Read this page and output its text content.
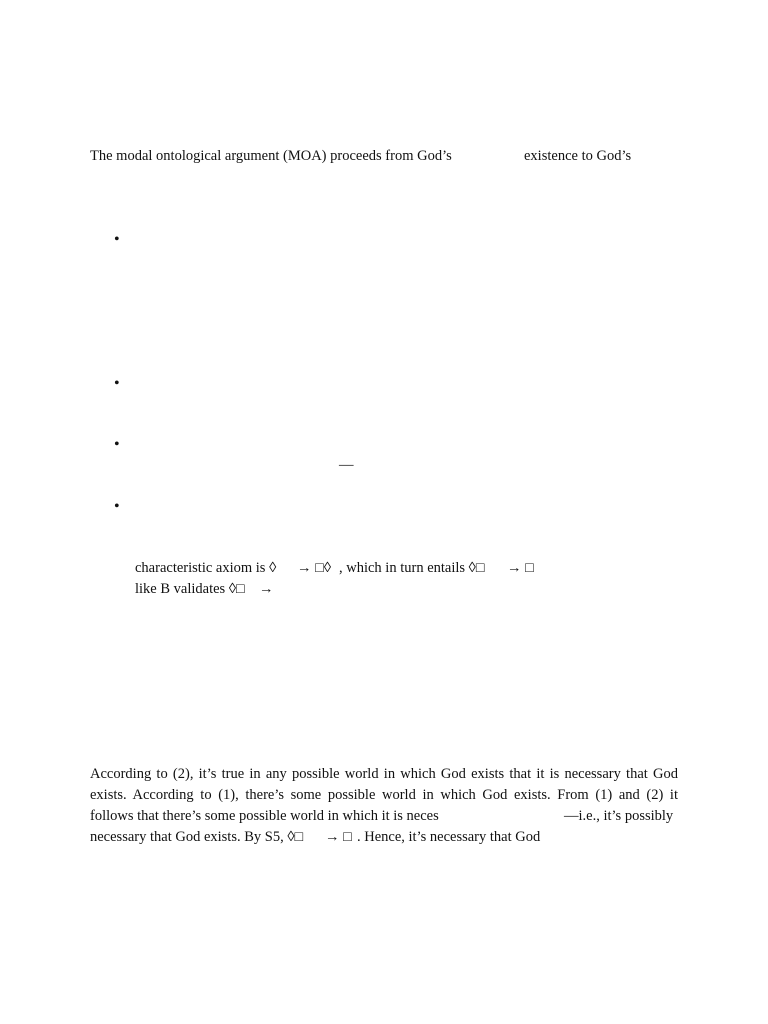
The modal ontological argument (MOA) proceeds from God’s	existence to God’s
•
•
•
—
•
characteristic axiom is ◊ → □◊ , which in turn entails ◊□ → □
like B validates ◊□ →
According to (2), it’s true in any possible world in which God exists that it is necessary that God
exists. According to (1), there’s some possible world in which God exists. From (1) and (2) it
follows that there’s some possible world in which it is neces	—i.e., it’s possibly
necessary that God exists. By S5, ◊□ → □ . Hence, it’s necessary that God
